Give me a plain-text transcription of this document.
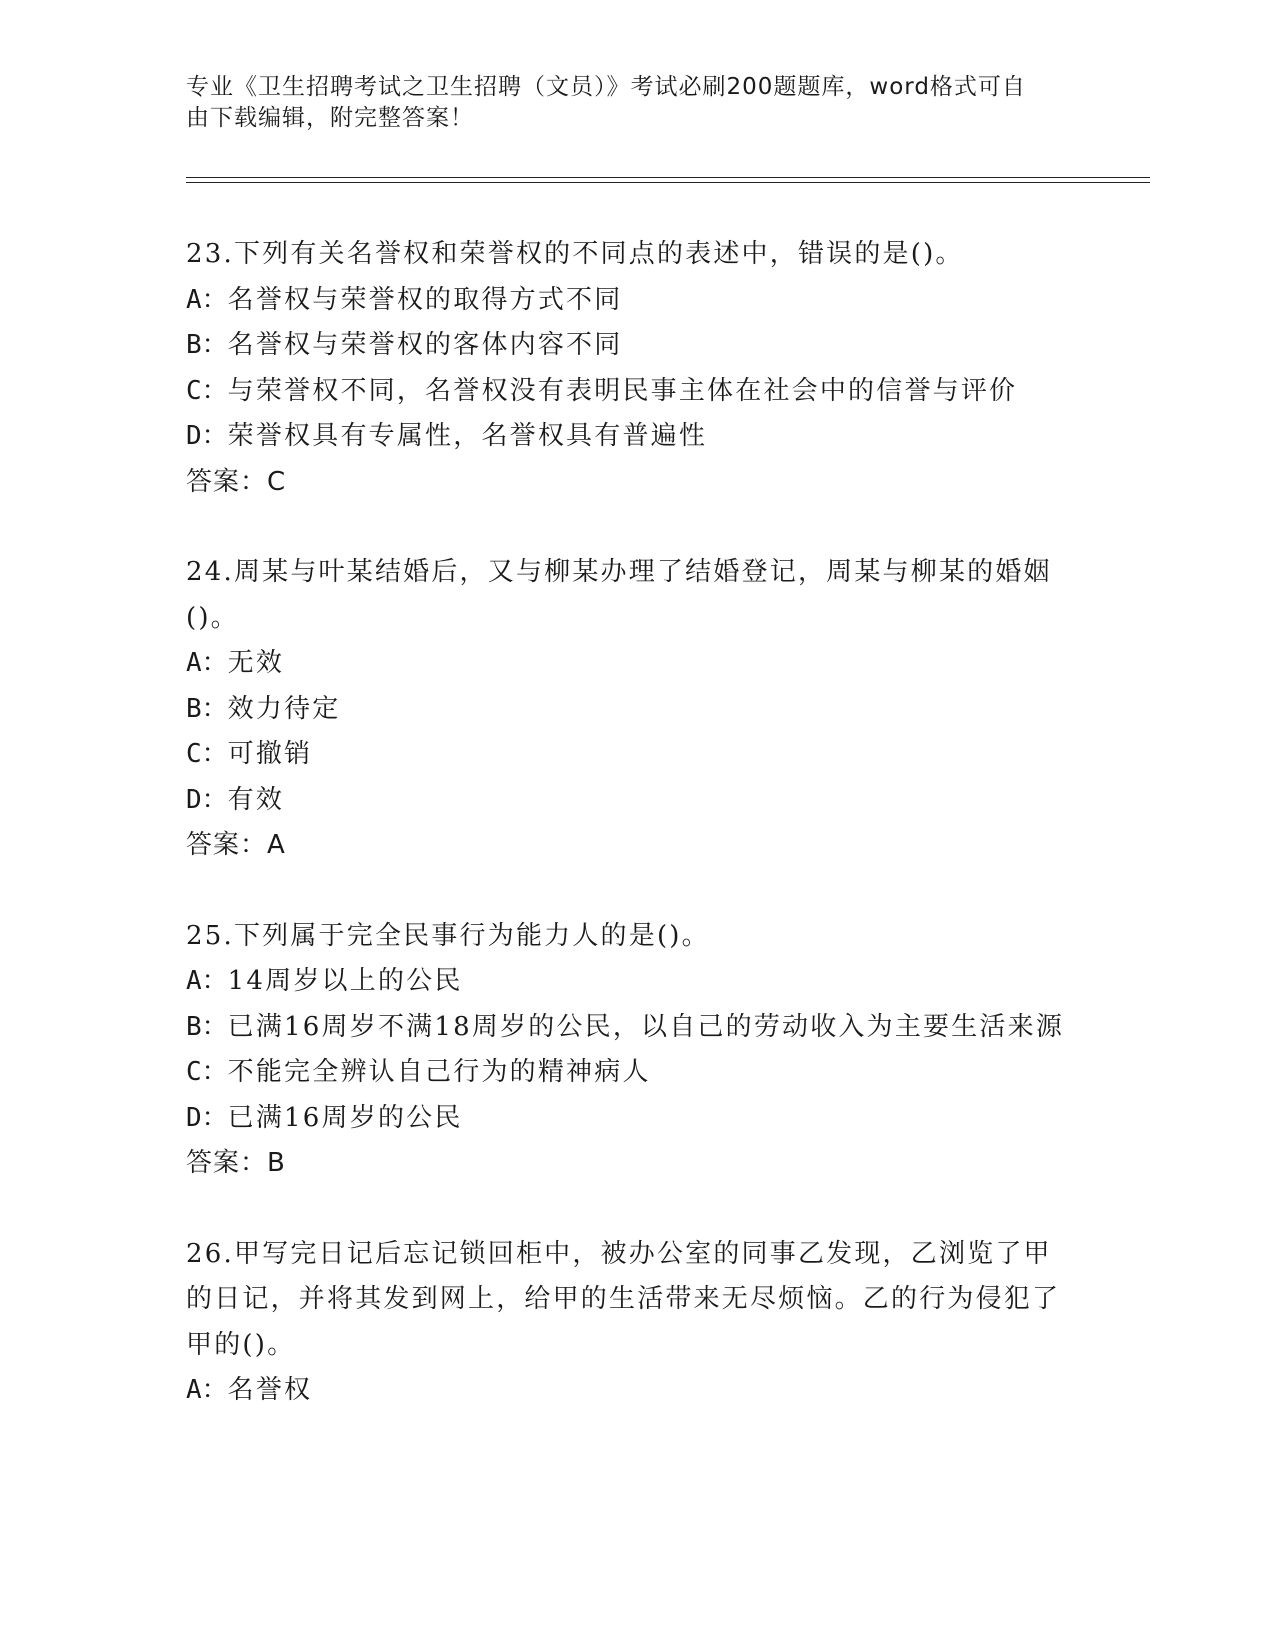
专业《卫生招聘考试之卫生招聘（文员）》考试必刷200题题库，word格式可自
由下载编辑，附完整答案！
23.下列有关名誉权和荣誉权的不同点的表述中，错误的是()。
A：名誉权与荣誉权的取得方式不同
B：名誉权与荣誉权的客体内容不同
C：与荣誉权不同，名誉权没有表明民事主体在社会中的信誉与评价
D：荣誉权具有专属性，名誉权具有普遍性
答案：C
24.周某与叶某结婚后，又与柳某办理了结婚登记，周某与柳某的婚姻()。
A：无效
B：效力待定
C：可撤销
D：有效
答案：A
25.下列属于完全民事行为能力人的是()。
A：14周岁以上的公民
B：已满16周岁不满18周岁的公民，以自己的劳动收入为主要生活来源
C：不能完全辨认自己行为的精神病人
D：已满16周岁的公民
答案：B
26.甲写完日记后忘记锁回柜中，被办公室的同事乙发现，乙浏览了甲的日记，并将其发到网上，给甲的生活带来无尽烦恼。乙的行为侵犯了甲的()。
A：名誉权
